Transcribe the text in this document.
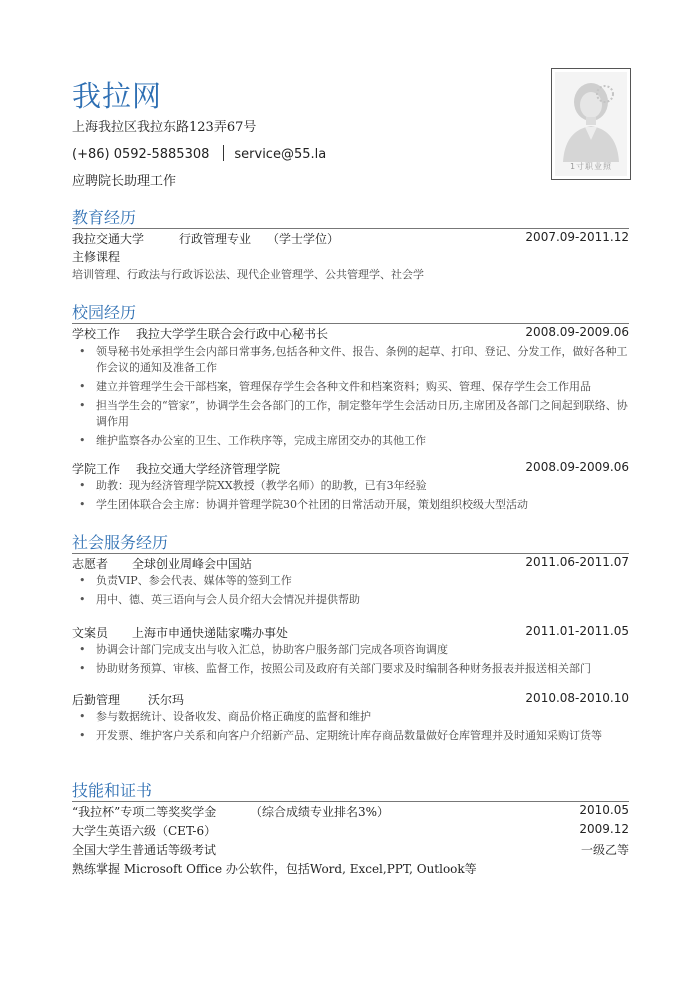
我拉网
上海我拉区我拉东路123弄67号
(+86) 0592-5885308 service@55.la
应聘院长助理工作
1寸职业照
教育经历
我拉交通大学	行政管理专业 （学士学位）	2007.09-2011.12
主修课程
培训管理、行政法与行政诉讼法、现代企业管理学、公共管理学、社会学
校园经历
学校工作 我拉大学学生联合会行政中心秘书长	2008.09-2009.06
• 领导秘书处承担学生会内部日常事务,包括各种文件、报告、条例的起草、打印、登记、分发工作，做好各种工作会议的通知及准备工作
• 建立并管理学生会干部档案，管理保存学生会各种文件和档案资料；购买、管理、保存学生会工作用品
• 担当学生会的“管家”，协调学生会各部门的工作，制定整年学生会活动日历,主席团及各部门之间起到联络、协调作用
• 维护监察各办公室的卫生、工作秩序等，完成主席团交办的其他工作
学院工作 我拉交通大学经济管理学院	2008.09-2009.06
• 助教：现为经济管理学院XX教授（教学名师）的助教，已有3年经验
• 学生团体联合会主席：协调并管理学院30个社团的日常活动开展，策划组织校级大型活动
社会服务经历
志愿者 全球创业周峰会中国站	2011.06-2011.07
• 负责VIP、参会代表、媒体等的签到工作
• 用中、德、英三语向与会人员介绍大会情况并提供帮助
文案员 上海市申通快递陆家嘴办事处	2011.01-2011.05
• 协调会计部门完成支出与收入汇总，协助客户服务部门完成各项咨询调度
• 协助财务预算、审核、监督工作，按照公司及政府有关部门要求及时编制各种财务报表并报送相关部门
后勤管理 沃尔玛	2010.08-2010.10
• 参与数据统计、设备收发、商品价格正确度的监督和维护
• 开发票、维护客户关系和向客户介绍新产品、定期统计库存商品数量做好仓库管理并及时通知采购订货等
技能和证书
“我拉杯”专项二等奖奖学金	（综合成绩专业排名3%）	2010.05
大学生英语六级（CET-6）	2009.12
全国大学生普通话等级考试	一级乙等
熟练掌握 Microsoft Office 办公软件，包括Word, Excel,PPT, Outlook等
